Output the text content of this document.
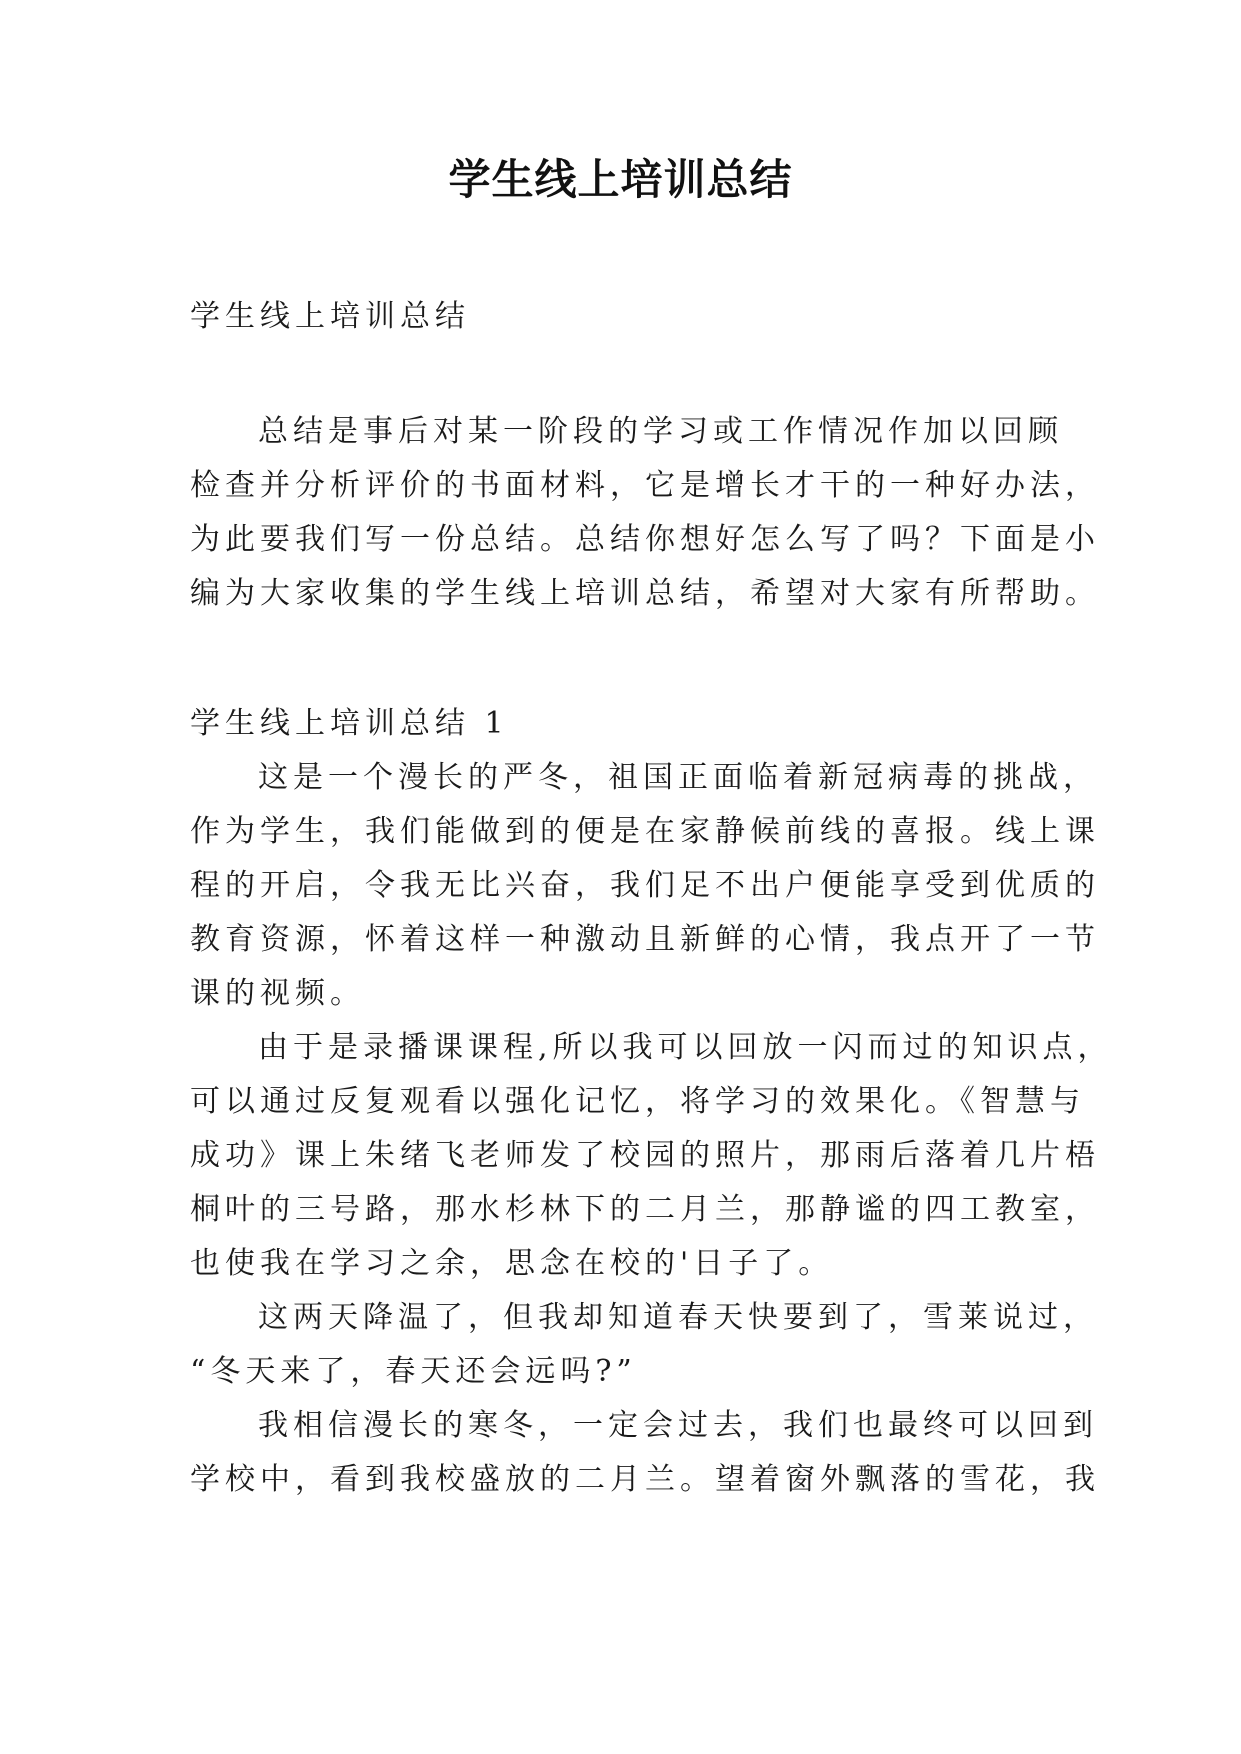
学生线上培训总结
学生线上培训总结
总结是事后对某一阶段的学习或工作情况作加以回顾
检查并分析评价的书面材料，它是增长才干的一种好办法，
为此要我们写一份总结。总结你想好怎么写了吗？下面是小
编为大家收集的学生线上培训总结，希望对大家有所帮助。
学生线上培训总结 1
这是一个漫长的严冬，祖国正面临着新冠病毒的挑战，
作为学生，我们能做到的便是在家静候前线的喜报。线上课
程的开启，令我无比兴奋，我们足不出户便能享受到优质的
教育资源，怀着这样一种激动且新鲜的心情，我点开了一节
课的视频。
由于是录播课课程,所以我可以回放一闪而过的知识点，
可以通过反复观看以强化记忆，将学习的效果化。《智慧与
成功》课上朱绪飞老师发了校园的照片，那雨后落着几片梧
桐叶的三号路，那水杉林下的二月兰，那静谧的四工教室，
也使我在学习之余，思念在校的'日子了。
这两天降温了，但我却知道春天快要到了，雪莱说过，
“冬天来了，春天还会远吗?”
我相信漫长的寒冬，一定会过去，我们也最终可以回到
学校中，看到我校盛放的二月兰。望着窗外飘落的雪花，我
